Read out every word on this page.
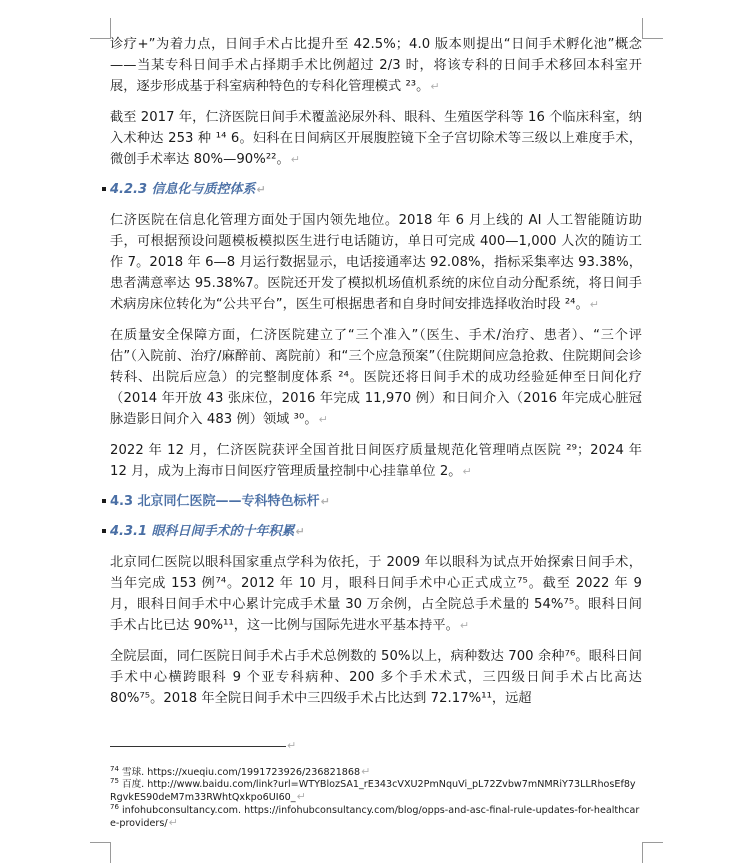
诊疗+”为着力点，日间手术占比提升至 42.5%；4.0 版本则提出“日间手术孵化池”概念——当某专科日间手术占择期手术比例超过 2/3 时，将该专科的日间手术移回本科室开展，逐步形成基于科室病种特色的专科化管理模式 ²³。↵

截至 2017 年，仁济医院日间手术覆盖泌尿外科、眼科、生殖医学科等 16 个临床科室，纳入术种达 253 种 ¹⁴ 6。妇科在日间病区开展腹腔镜下全子宫切除术等三级以上难度手术，微创手术率达 80%—90%²²。↵

4.2.3 信息化与质控体系↵

仁济医院在信息化管理方面处于国内领先地位。2018 年 6 月上线的 AI 人工智能随访助手，可根据预设问题模板模拟医生进行电话随访，单日可完成 400—1,000 人次的随访工作 7。2018 年 6—8 月运行数据显示，电话接通率达 92.08%，指标采集率达 93.38%，患者满意率达 95.38%7。医院还开发了模拟机场值机系统的床位自动分配系统，将日间手术病房床位转化为“公共平台”，医生可根据患者和自身时间安排选择收治时段 ²⁴。↵

在质量安全保障方面，仁济医院建立了“三个准入”（医生、手术/治疗、患者）、“三个评估”（入院前、治疗/麻醉前、离院前）和“三个应急预案”（住院期间应急抢救、住院期间会诊转科、出院后应急）的完整制度体系 ²⁴。医院还将日间手术的成功经验延伸至日间化疗（2014 年开放 43 张床位，2016 年完成 11,970 例）和日间介入（2016 年完成心脏冠脉造影日间介入 483 例）领域 ³⁰。↵

2022 年 12 月，仁济医院获评全国首批日间医疗质量规范化管理哨点医院 ²⁹；2024 年 12 月，成为上海市日间医疗管理质量控制中心挂靠单位 2。↵

4.3 北京同仁医院——专科特色标杆↵
4.3.1 眼科日间手术的十年积累↵

北京同仁医院以眼科国家重点学科为依托，于 2009 年以眼科为试点开始探索日间手术，当年完成 153 例⁷⁴。2012 年 10 月，眼科日间手术中心正式成立⁷⁵。截至 2022 年 9 月，眼科日间手术中心累计完成手术量 30 万余例，占全院总手术量的 54%⁷⁵。眼科日间手术占比已达 90%¹¹，这一比例与国际先进水平基本持平。↵

全院层面，同仁医院日间手术占手术总例数的 50%以上，病种数达 700 余种⁷⁶。眼科日间手术中心横跨眼科 9 个亚专科病种、200 多个手术术式，三四级日间手术占比高达 80%⁷⁵。2018 年全院日间手术中三四级手术占比达到 72.17%¹¹，远超

↵

$^{74}$ 雪球. https://xueqiu.com/1991723926/236821868↵

$^{75}$ 百度. http://www.baidu.com/link?url=WTYBlozSA1_rE343cVXU2PmNquVi_pL72Zvbw7mNMRiY73LLRhosEf8yRgvkES90deM7m33RWhtQxkpo6UI60_↵

$^{76}$ infohubconsultancy.com. https://infohubconsultancy.com/blog/opps-and-asc-final-rule-updates-for-healthcare-providers/↵
